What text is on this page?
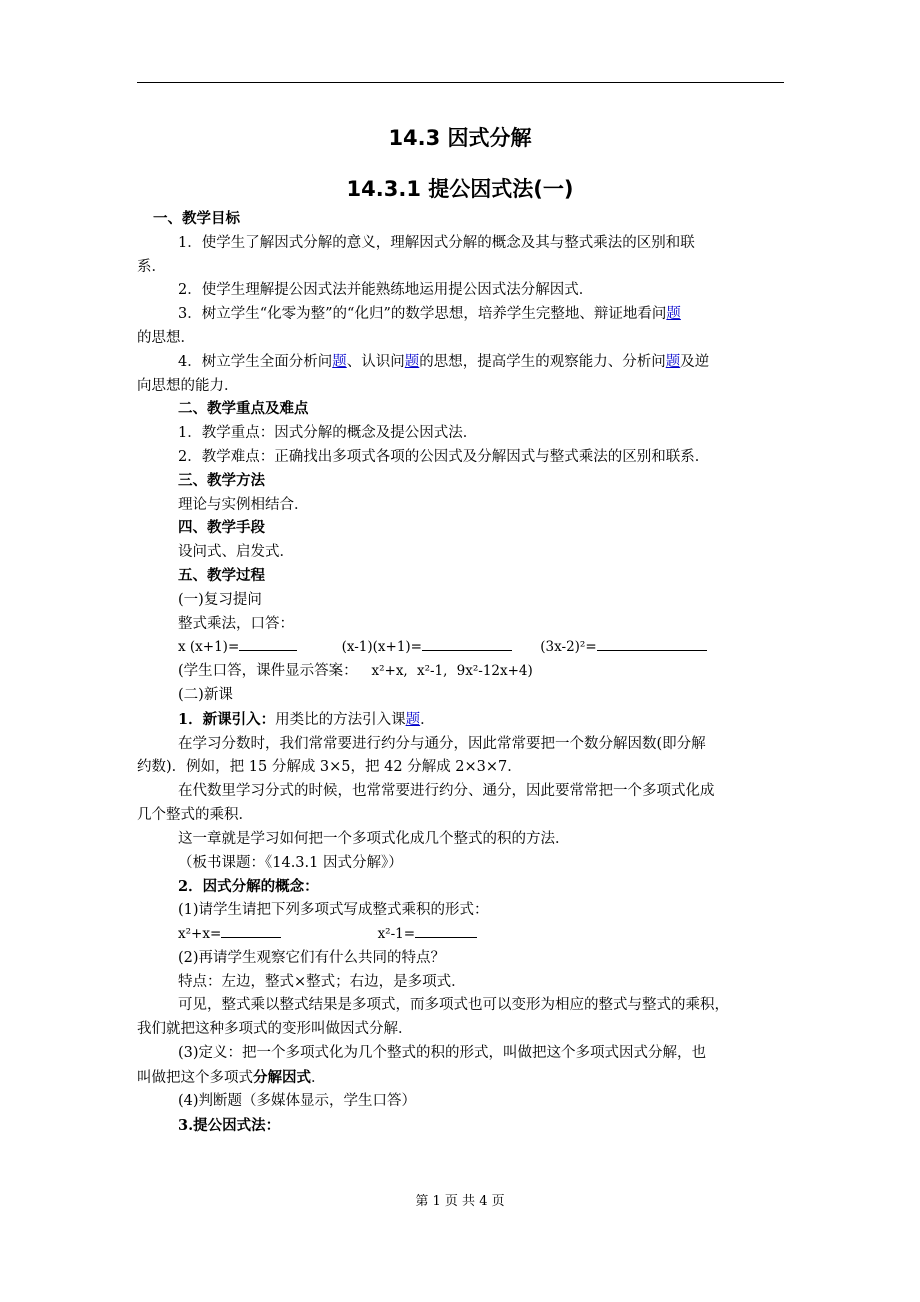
14.3 因式分解
14.3.1 提公因式法(一)

一、教学目标

1．使学生了解因式分解的意义，理解因式分解的概念及其与整式乘法的区别和联

系．

2．使学生理解提公因式法并能熟练地运用提公因式法分解因式．

3．树立学生“化零为整”的“化归”的数学思想，培养学生完整地、辩证地看问题

的思想．

4．树立学生全面分析问题、认识问题的思想，提高学生的观察能力、分析问题及逆

向思想的能力．

二、教学重点及难点

1．教学重点：因式分解的概念及提公因式法．

2．教学难点：正确找出多项式各项的公因式及分解因式与整式乘法的区别和联系．

三、教学方法

理论与实例相结合．

四、教学手段

设问式、启发式．

五、教学过程

(一)复习提问

整式乘法，口答：

x (x+1)=	(x-1)(x+1)=	(3x-2)²=

(学生口答，课件显示答案： x²+x, x²-1, 9x²-12x+4)

(二)新课

1．新课引入：用类比的方法引入课题．

在学习分数时，我们常常要进行约分与通分，因此常常要把一个数分解因数(即分解

约数)．例如，把 15 分解成 3×5，把 42 分解成 2×3×7．

在代数里学习分式的时候，也常常要进行约分、通分，因此要常常把一个多项式化成

几个整式的乘积．

这一章就是学习如何把一个多项式化成几个整式的积的方法．

（板书课题：《14.3.1 因式分解》）

2．因式分解的概念：

(1)请学生请把下列多项式写成整式乘积的形式：

x²+x=	x²-1=

(2)再请学生观察它们有什么共同的特点？

特点：左边，整式×整式；右边，是多项式．

可见，整式乘以整式结果是多项式，而多项式也可以变形为相应的整式与整式的乘积，

我们就把这种多项式的变形叫做因式分解．

(3)定义：把一个多项式化为几个整式的积的形式，叫做把这个多项式因式分解，也

叫做把这个多项式分解因式．

(4)判断题（多媒体显示，学生口答）

3.提公因式法：

第 1 页 共 4 页
